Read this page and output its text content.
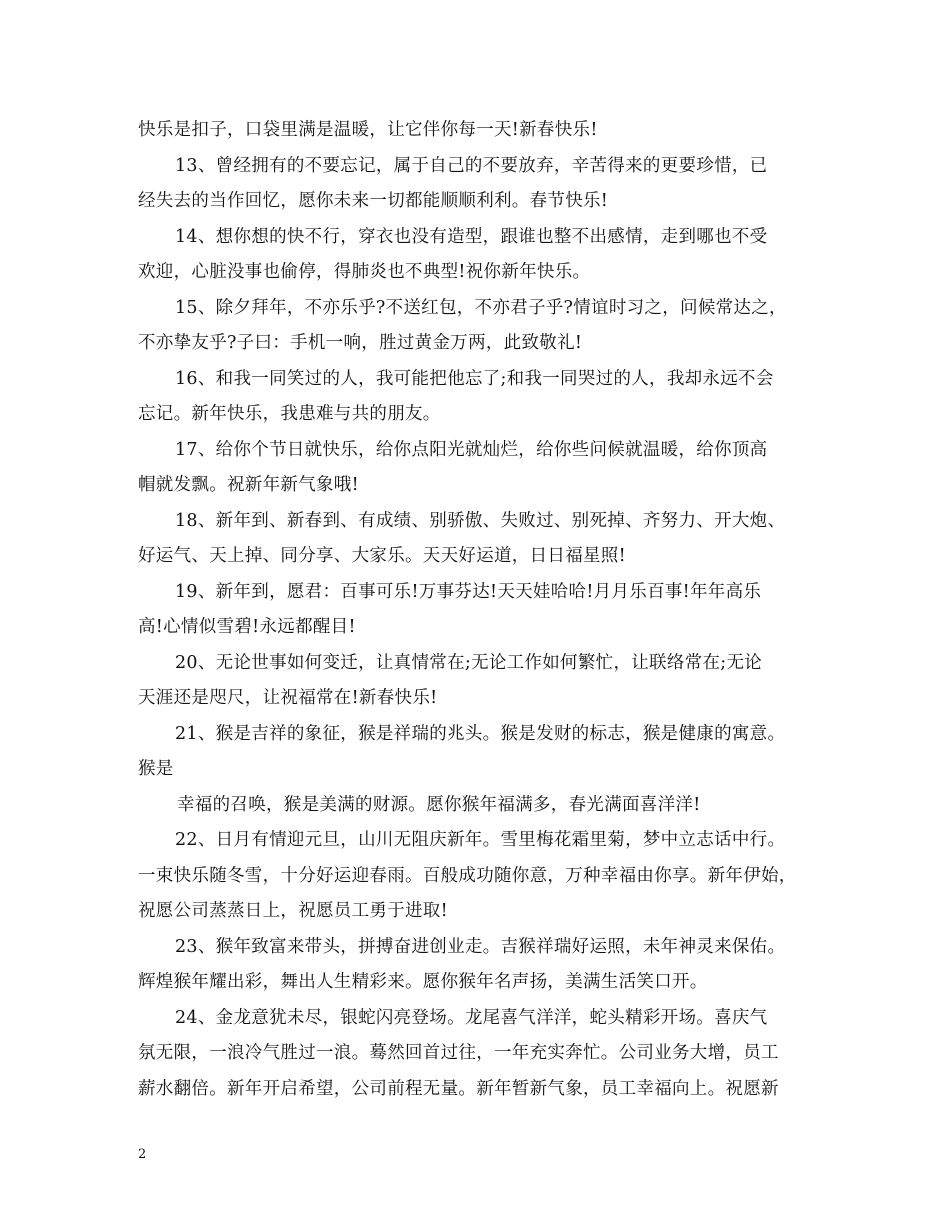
快乐是扣子，口袋里满是温暖，让它伴你每一天!新春快乐!
13、曾经拥有的不要忘记，属于自己的不要放弃，辛苦得来的更要珍惜，已
经失去的当作回忆，愿你未来一切都能顺顺利利。春节快乐!
14、想你想的快不行，穿衣也没有造型，跟谁也整不出感情，走到哪也不受
欢迎，心脏没事也偷停，得肺炎也不典型!祝你新年快乐。
15、除夕拜年，不亦乐乎?不送红包，不亦君子乎?情谊时习之，问候常达之，
不亦挚友乎?子曰：手机一响，胜过黄金万两，此致敬礼!
16、和我一同笑过的人，我可能把他忘了;和我一同哭过的人，我却永远不会
忘记。新年快乐，我患难与共的朋友。
17、给你个节日就快乐，给你点阳光就灿烂，给你些问候就温暖，给你顶高
帽就发飘。祝新年新气象哦!
18、新年到、新春到、有成绩、别骄傲、失败过、别死掉、齐努力、开大炮、
好运气、天上掉、同分享、大家乐。天天好运道，日日福星照!
19、新年到，愿君：百事可乐!万事芬达!天天娃哈哈!月月乐百事!年年高乐
高!心情似雪碧!永远都醒目!
20、无论世事如何变迁，让真情常在;无论工作如何繁忙，让联络常在;无论
天涯还是咫尺，让祝福常在!新春快乐!
21、猴是吉祥的象征，猴是祥瑞的兆头。猴是发财的标志，猴是健康的寓意。
猴是
幸福的召唤，猴是美满的财源。愿你猴年福满多，春光满面喜洋洋!
22、日月有情迎元旦，山川无阻庆新年。雪里梅花霜里菊，梦中立志话中行。
一束快乐随冬雪，十分好运迎春雨。百般成功随你意，万种幸福由你享。新年伊始，
祝愿公司蒸蒸日上，祝愿员工勇于进取!
23、猴年致富来带头，拼搏奋进创业走。吉猴祥瑞好运照，未年神灵来保佑。
辉煌猴年耀出彩，舞出人生精彩来。愿你猴年名声扬，美满生活笑口开。
24、金龙意犹未尽，银蛇闪亮登场。龙尾喜气洋洋，蛇头精彩开场。喜庆气
氛无限，一浪冷气胜过一浪。蓦然回首过往，一年充实奔忙。公司业务大增，员工
薪水翻倍。新年开启希望，公司前程无量。新年暂新气象，员工幸福向上。祝愿新
2
